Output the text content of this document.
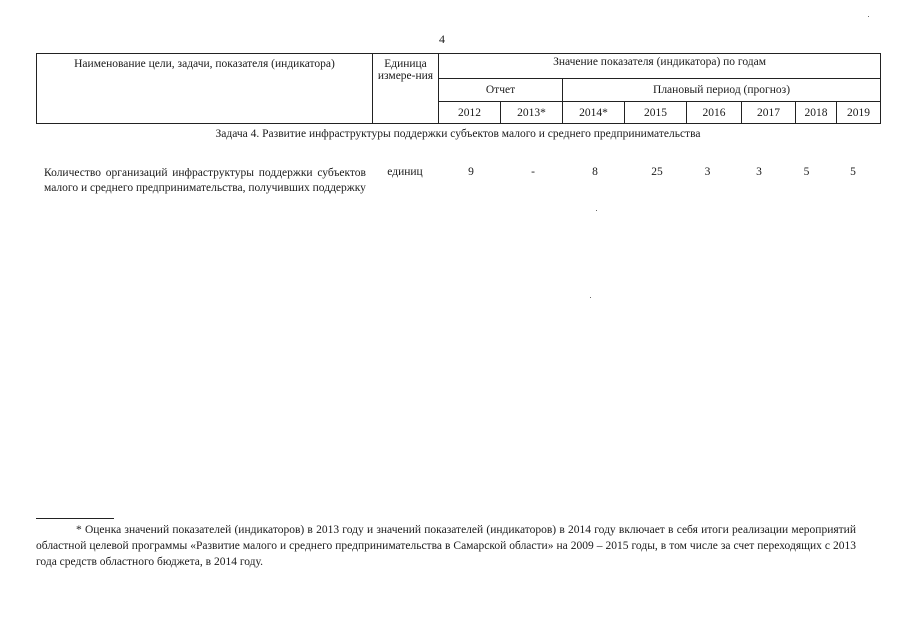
4
Наименование цели, задачи, показателя (индикатора)	Единица измере-ния	Значение показателя (индикатора) по годам							
		Отчет		Плановый период (прогноз)					
		2012	2013*	2014*	2015	2016	2017	2018	2019
Задача 4. Развитие инфраструктуры поддержки субъектов малого и среднего предпринимательства
Количество организаций инфраструктуры поддержки субъектов малого и среднего предпринимательства, получивших поддержку
единиц	9	-	8	25	3	3	5	5
* Оценка значений показателей (индикаторов) в 2013 году и значений показателей (индикаторов) в 2014 году включает в себя итоги реализации мероприятий областной целевой программы «Развитие малого и среднего предпринимательства в Самарской области» на 2009 – 2015 годы, в том числе за счет переходящих с 2013 года средств областного бюджета, в 2014 году.
